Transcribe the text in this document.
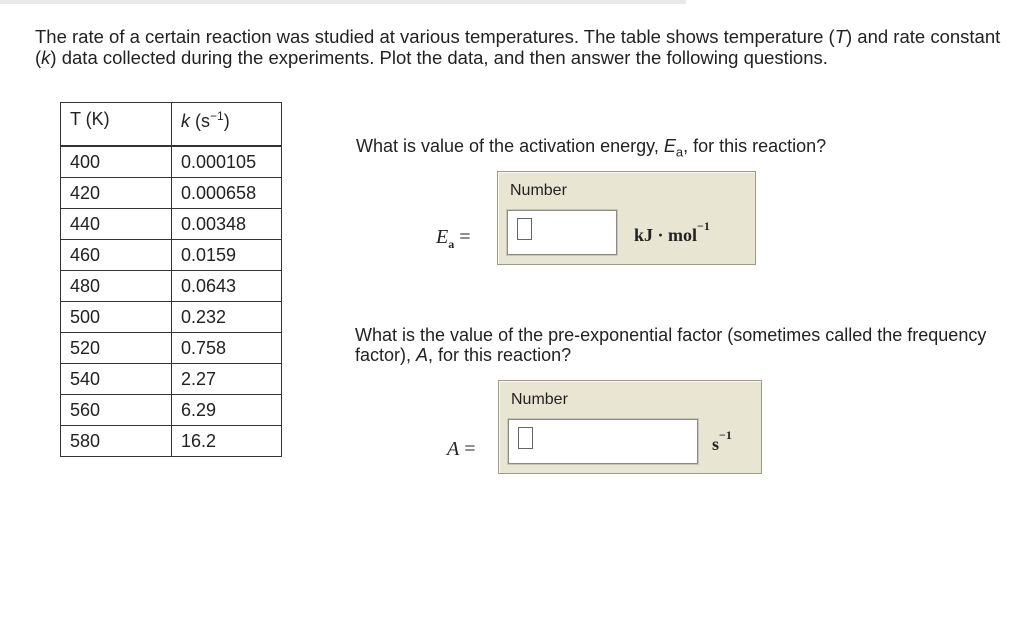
The rate of a certain reaction was studied at various temperatures. The table shows temperature (T) and rate constant (k) data collected during the experiments. Plot the data, and then answer the following questions.

T (K)	k $(s^{-1})$
400	0.000105
420	0.000658
440	0.00348
460	0.0159
480	0.0643
500	0.232
520	0.758
540	2.27
560	6.29
580	16.2
What is value of the activation energy, $E_a$, for this reaction?
$E_a$ =
Number
kJ · mol$^{-1}$
What is the value of the pre-exponential factor (sometimes called the frequency factor), A, for this reaction?
A =
Number
$s^{-1}$
